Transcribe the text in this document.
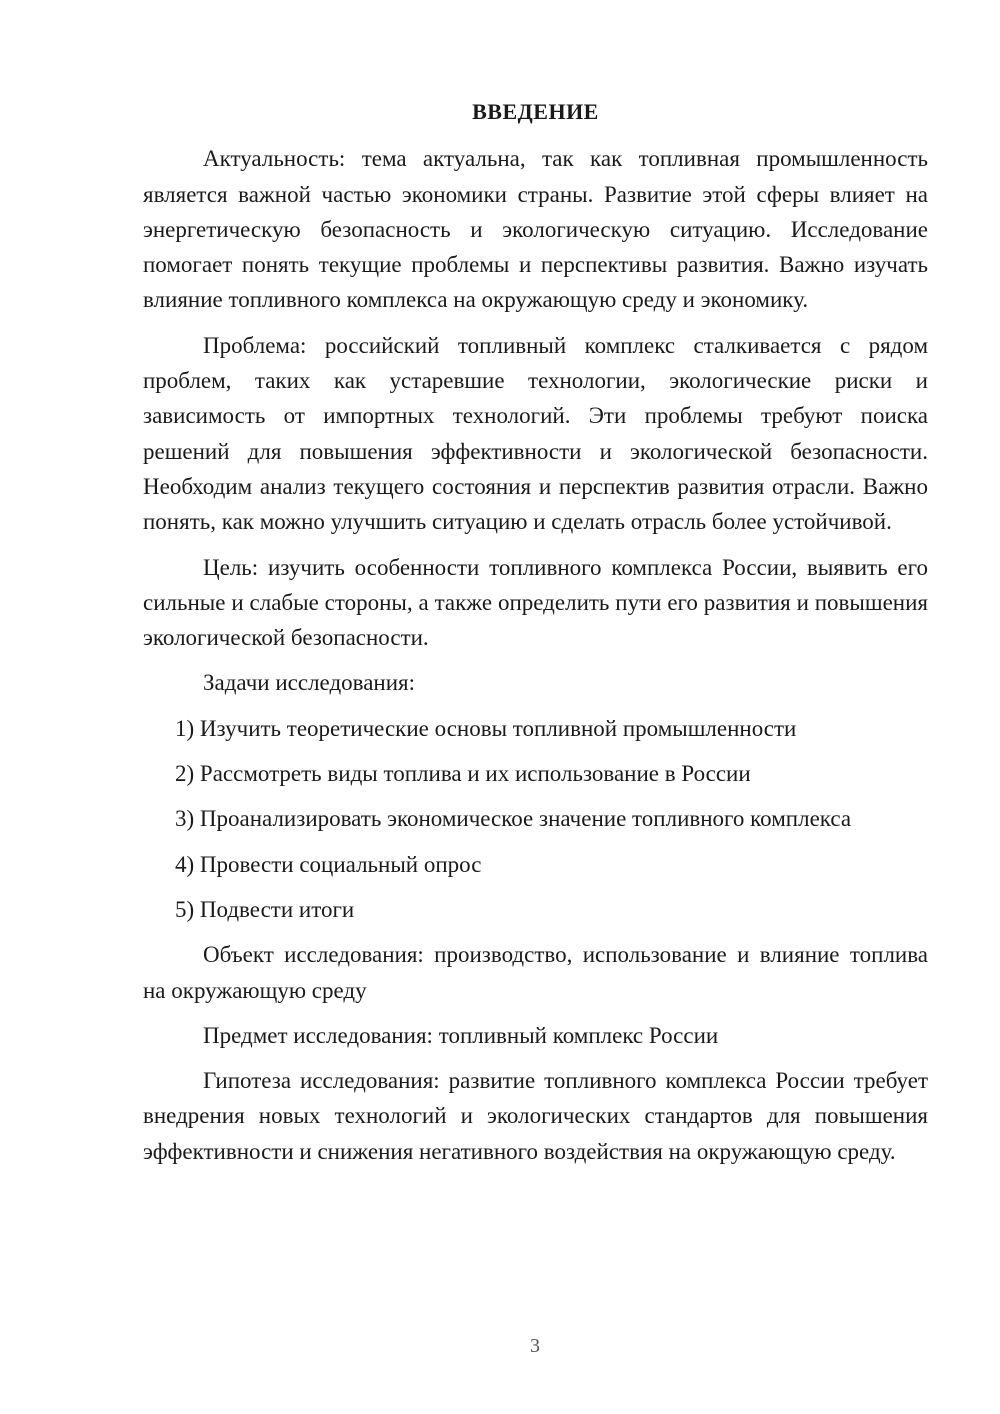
ВВЕДЕНИЕ

Актуальность: тема актуальна, так как топливная промышленность является важной частью экономики страны. Развитие этой сферы влияет на энергетическую безопасность и экологическую ситуацию. Исследование помогает понять текущие проблемы и перспективы развития. Важно изучать влияние топливного комплекса на окружающую среду и экономику.

Проблема: российский топливный комплекс сталкивается с рядом проблем, таких как устаревшие технологии, экологические риски и зависимость от импортных технологий. Эти проблемы требуют поиска решений для повышения эффективности и экологической безопасности. Необходим анализ текущего состояния и перспектив развития отрасли. Важно понять, как можно улучшить ситуацию и сделать отрасль более устойчивой.

Цель: изучить особенности топливного комплекса России, выявить его сильные и слабые стороны, а также определить пути его развития и повышения экологической безопасности.

Задачи исследования:

1) Изучить теоретические основы топливной промышленности
2) Рассмотреть виды топлива и их использование в России
3) Проанализировать экономическое значение топливного комплекса
4) Провести социальный опрос
5) Подвести итоги

Объект исследования: производство, использование и влияние топлива на окружающую среду

Предмет исследования: топливный комплекс России

Гипотеза исследования: развитие топливного комплекса России требует внедрения новых технологий и экологических стандартов для повышения эффективности и снижения негативного воздействия на окружающую среду.

3
